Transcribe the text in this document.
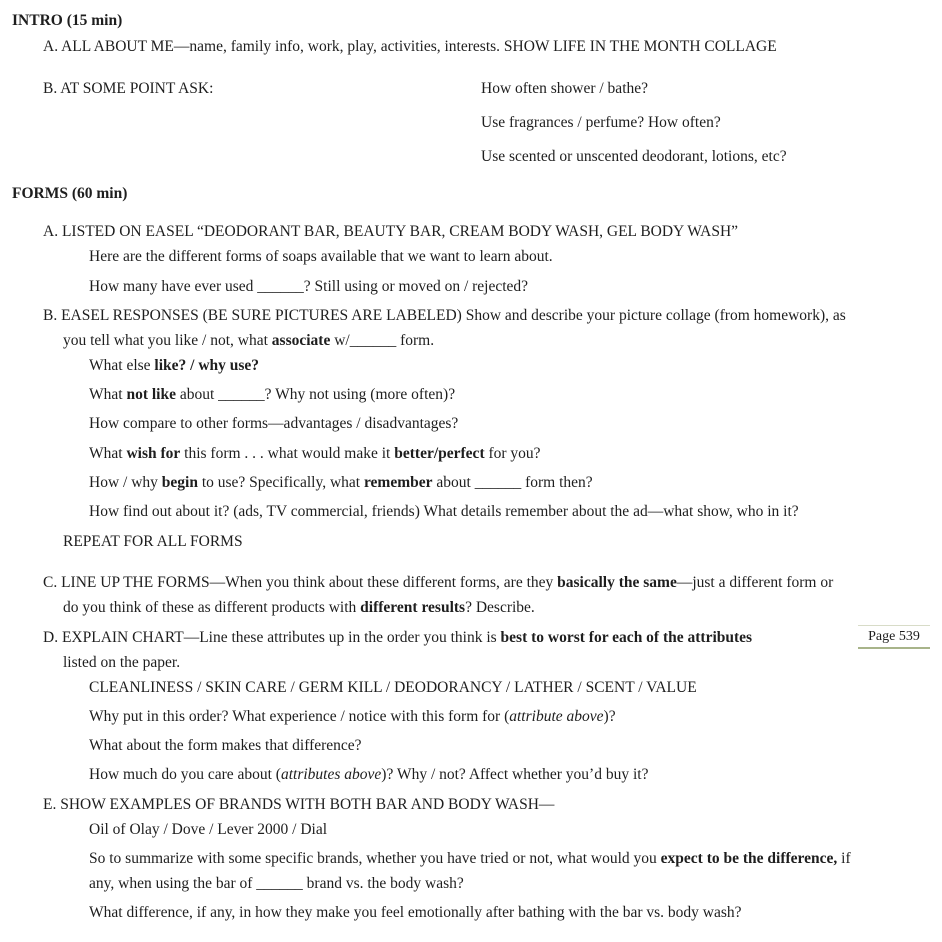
INTRO (15 min)
A. ALL ABOUT ME—name, family info, work, play, activities, interests. SHOW LIFE IN THE MONTH COLLAGE
B. AT SOME POINT ASK:	How often shower / bathe?
Use fragrances / perfume? How often?
Use scented or unscented deodorant, lotions, etc?
FORMS (60 min)
A. LISTED ON EASEL “DEODORANT BAR, BEAUTY BAR, CREAM BODY WASH, GEL BODY WASH”
Here are the different forms of soaps available that we want to learn about.
How many have ever used ______? Still using or moved on / rejected?
B. EASEL RESPONSES (BE SURE PICTURES ARE LABELED) Show and describe your picture collage (from homework), as
you tell what you like / not, what associate w/______ form.
What else like? / why use?
What not like about ______? Why not using (more often)?
How compare to other forms—advantages / disadvantages?
What wish for this form . . . what would make it better/perfect for you?
How / why begin to use? Specifically, what remember about ______ form then?
How find out about it? (ads, TV commercial, friends) What details remember about the ad—what show, who in it?
REPEAT FOR ALL FORMS
C. LINE UP THE FORMS—When you think about these different forms, are they basically the same—just a different form or
do you think of these as different products with different results? Describe.
D. EXPLAIN CHART—Line these attributes up in the order you think is best to worst for each of the attributes	Page 539
listed on the paper.
CLEANLINESS / SKIN CARE / GERM KILL / DEODORANCY / LATHER / SCENT / VALUE
Why put in this order? What experience / notice with this form for (attribute above)?
What about the form makes that difference?
How much do you care about (attributes above)? Why / not? Affect whether you’d buy it?
E. SHOW EXAMPLES OF BRANDS WITH BOTH BAR AND BODY WASH—
Oil of Olay / Dove / Lever 2000 / Dial
So to summarize with some specific brands, whether you have tried or not, what would you expect to be the difference, if
any, when using the bar of ______ brand vs. the body wash?
What difference, if any, in how they make you feel emotionally after bathing with the bar vs. body wash?
